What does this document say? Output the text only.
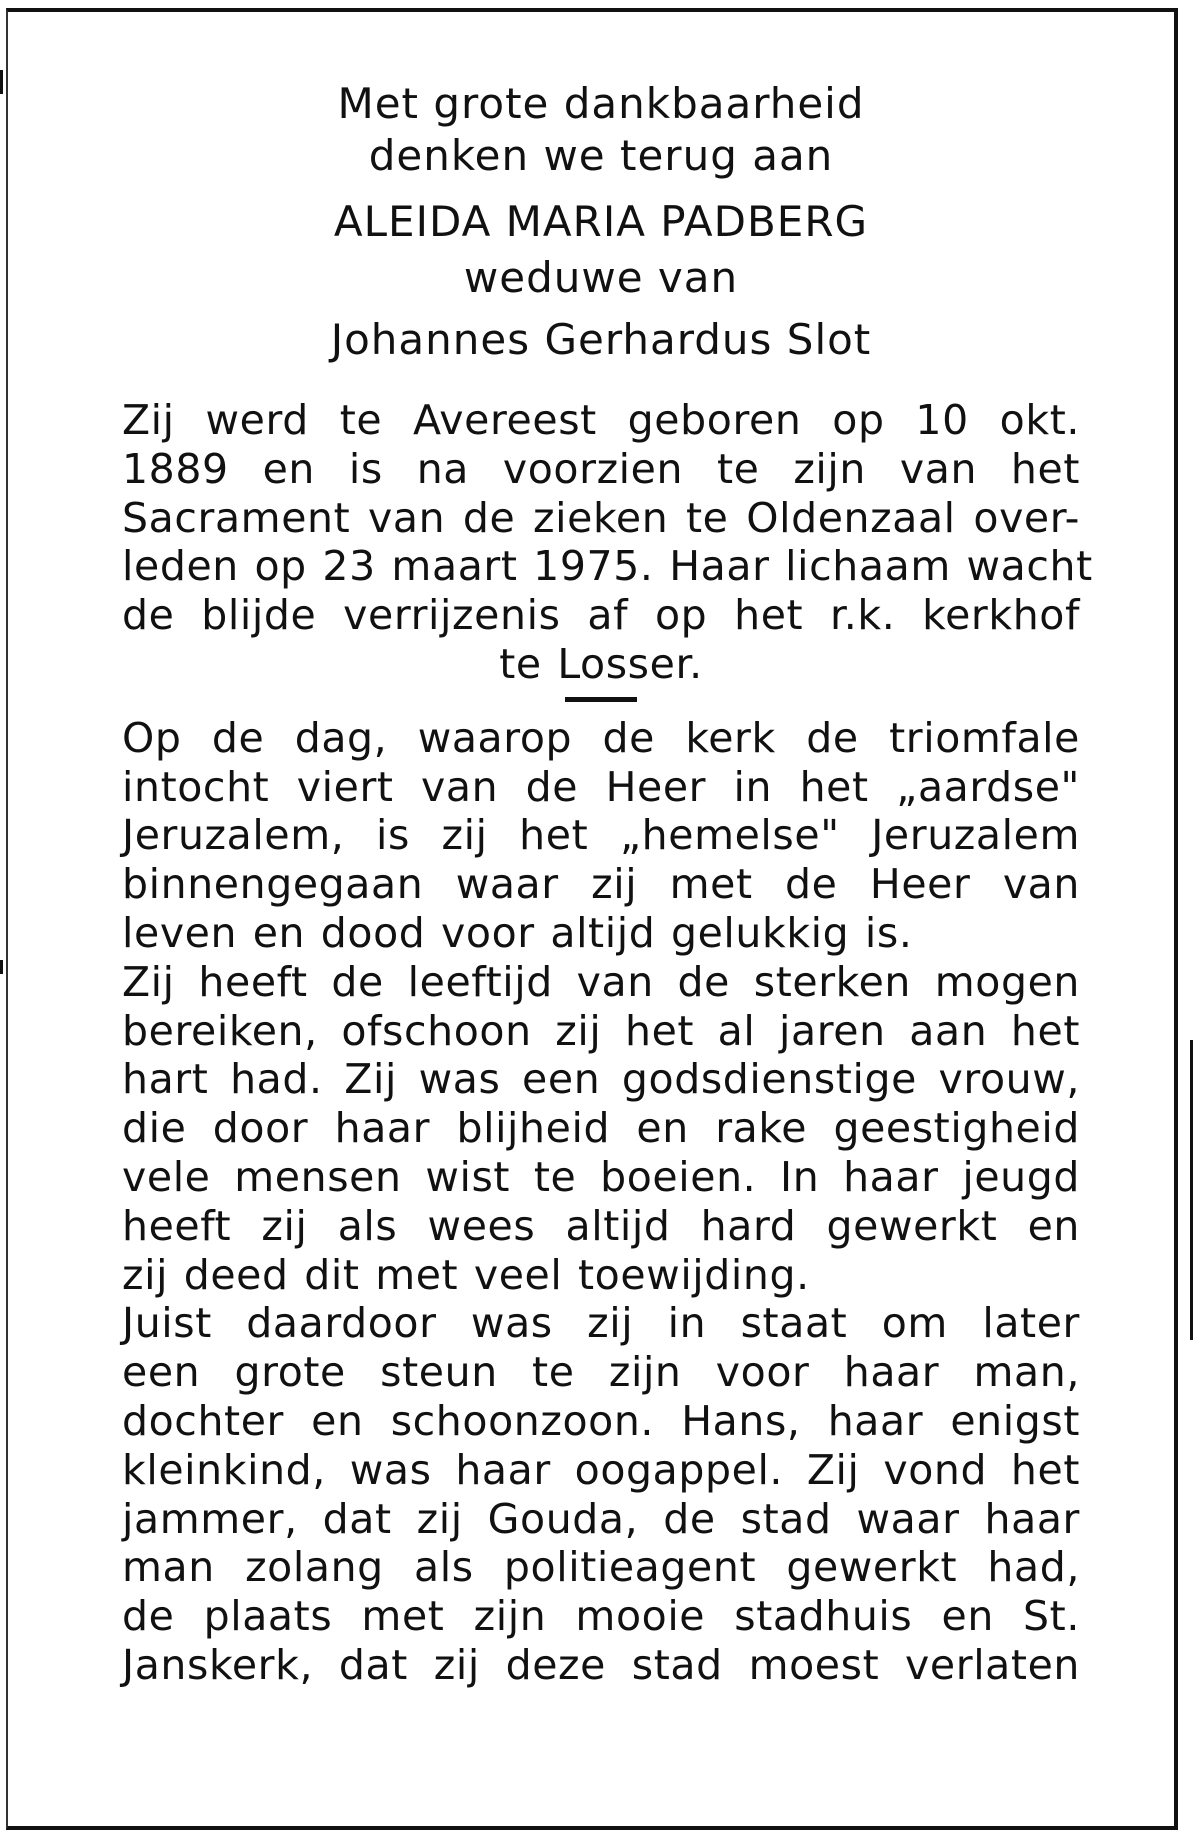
Met grote dankbaarheid
denken we terug aan
ALEIDA MARIA PADBERG
weduwe van
Johannes Gerhardus Slot
Zij werd te Avereest geboren op 10 okt.
1889 en is na voorzien te zijn van het
Sacrament van de zieken te Oldenzaal over-
leden op 23 maart 1975. Haar lichaam wacht
de blijde verrijzenis af op het r.k. kerkhof
te Losser.
Op de dag, waarop de kerk de triomfale
intocht viert van de Heer in het „aardse"
Jeruzalem, is zij het „hemelse" Jeruzalem
binnengegaan waar zij met de Heer van
leven en dood voor altijd gelukkig is.
Zij heeft de leeftijd van de sterken mogen
bereiken, ofschoon zij het al jaren aan het
hart had. Zij was een godsdienstige vrouw,
die door haar blijheid en rake geestigheid
vele mensen wist te boeien. In haar jeugd
heeft zij als wees altijd hard gewerkt en
zij deed dit met veel toewijding.
Juist daardoor was zij in staat om later
een grote steun te zijn voor haar man,
dochter en schoonzoon. Hans, haar enigst
kleinkind, was haar oogappel. Zij vond het
jammer, dat zij Gouda, de stad waar haar
man zolang als politieagent gewerkt had,
de plaats met zijn mooie stadhuis en St.
Janskerk, dat zij deze stad moest verlaten
